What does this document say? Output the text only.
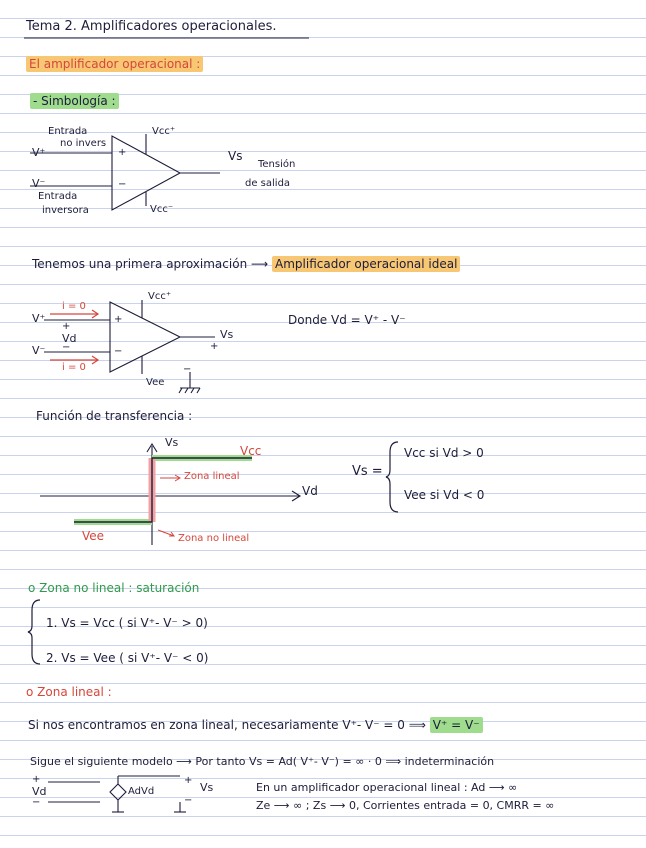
Tema 2. Amplificadores operacionales.
El amplificador operacional :
- Simbología :
Entrada
no invers
V⁺
V⁻
Entrada
inversora
+
−
Vcc⁺
Vcc⁻
Vs
Tensión
de salida
Tenemos una primera aproximación ⟶ Amplificador operacional ideal
V⁺
V⁻
i = 0
i = 0
+
Vd
−
+
−
Vcc⁺
Vee
Vs
+
−
Donde Vd = V⁺ - V⁻
Función de transferencia :
Vs
Vd
Vcc
Vee
Zona lineal
Zona no lineal
Vs =
Vcc si Vd > 0
Vee si Vd < 0
o Zona no lineal : saturación
1. Vs = Vcc ( si V⁺- V⁻ > 0)
2. Vs = Vee ( si V⁺- V⁻ < 0)
o Zona lineal :
Si nos encontramos en zona lineal, necesariamente V⁺- V⁻ = 0 ⟹ V⁺ = V⁻
Sigue el siguiente modelo ⟶ Por tanto Vs = Ad( V⁺- V⁻) = ∞ · 0 ⟹ indeterminación
+
Vd
−
AdVd
+
Vs
−
En un amplificador operacional lineal : Ad ⟶ ∞
Ze ⟶ ∞ ; Zs ⟶ 0, Corrientes entrada = 0, CMRR = ∞
